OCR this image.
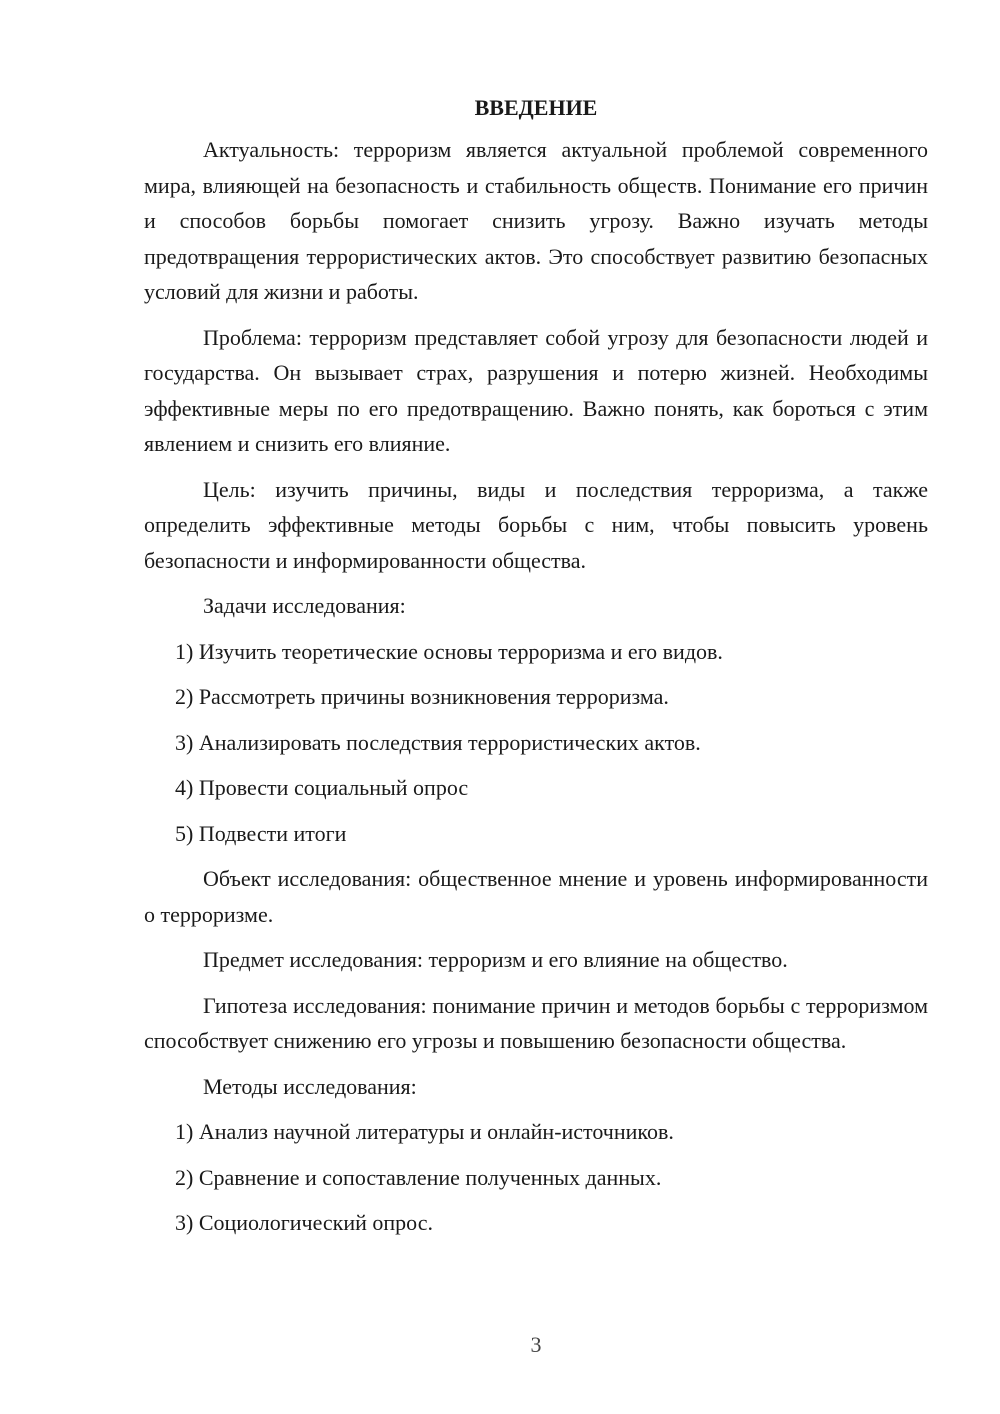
ВВЕДЕНИЕ

Актуальность: терроризм является актуальной проблемой современного мира, влияющей на безопасность и стабильность обществ. Понимание его причин и способов борьбы помогает снизить угрозу. Важно изучать методы предотвращения террористических актов. Это способствует развитию безопасных условий для жизни и работы.

Проблема: терроризм представляет собой угрозу для безопасности людей и государства. Он вызывает страх, разрушения и потерю жизней. Необходимы эффективные меры по его предотвращению. Важно понять, как бороться с этим явлением и снизить его влияние.

Цель: изучить причины, виды и последствия терроризма, а также определить эффективные методы борьбы с ним, чтобы повысить уровень безопасности и информированности общества.

Задачи исследования:

1) Изучить теоретические основы терроризма и его видов.
2) Рассмотреть причины возникновения терроризма.
3) Анализировать последствия террористических актов.
4) Провести социальный опрос
5) Подвести итоги

Объект исследования: общественное мнение и уровень информированности о терроризме.

Предмет исследования: терроризм и его влияние на общество.

Гипотеза исследования: понимание причин и методов борьбы с терроризмом способствует снижению его угрозы и повышению безопасности общества.

Методы исследования:

1) Анализ научной литературы и онлайн-источников.
2) Сравнение и сопоставление полученных данных.
3) Социологический опрос.
3
